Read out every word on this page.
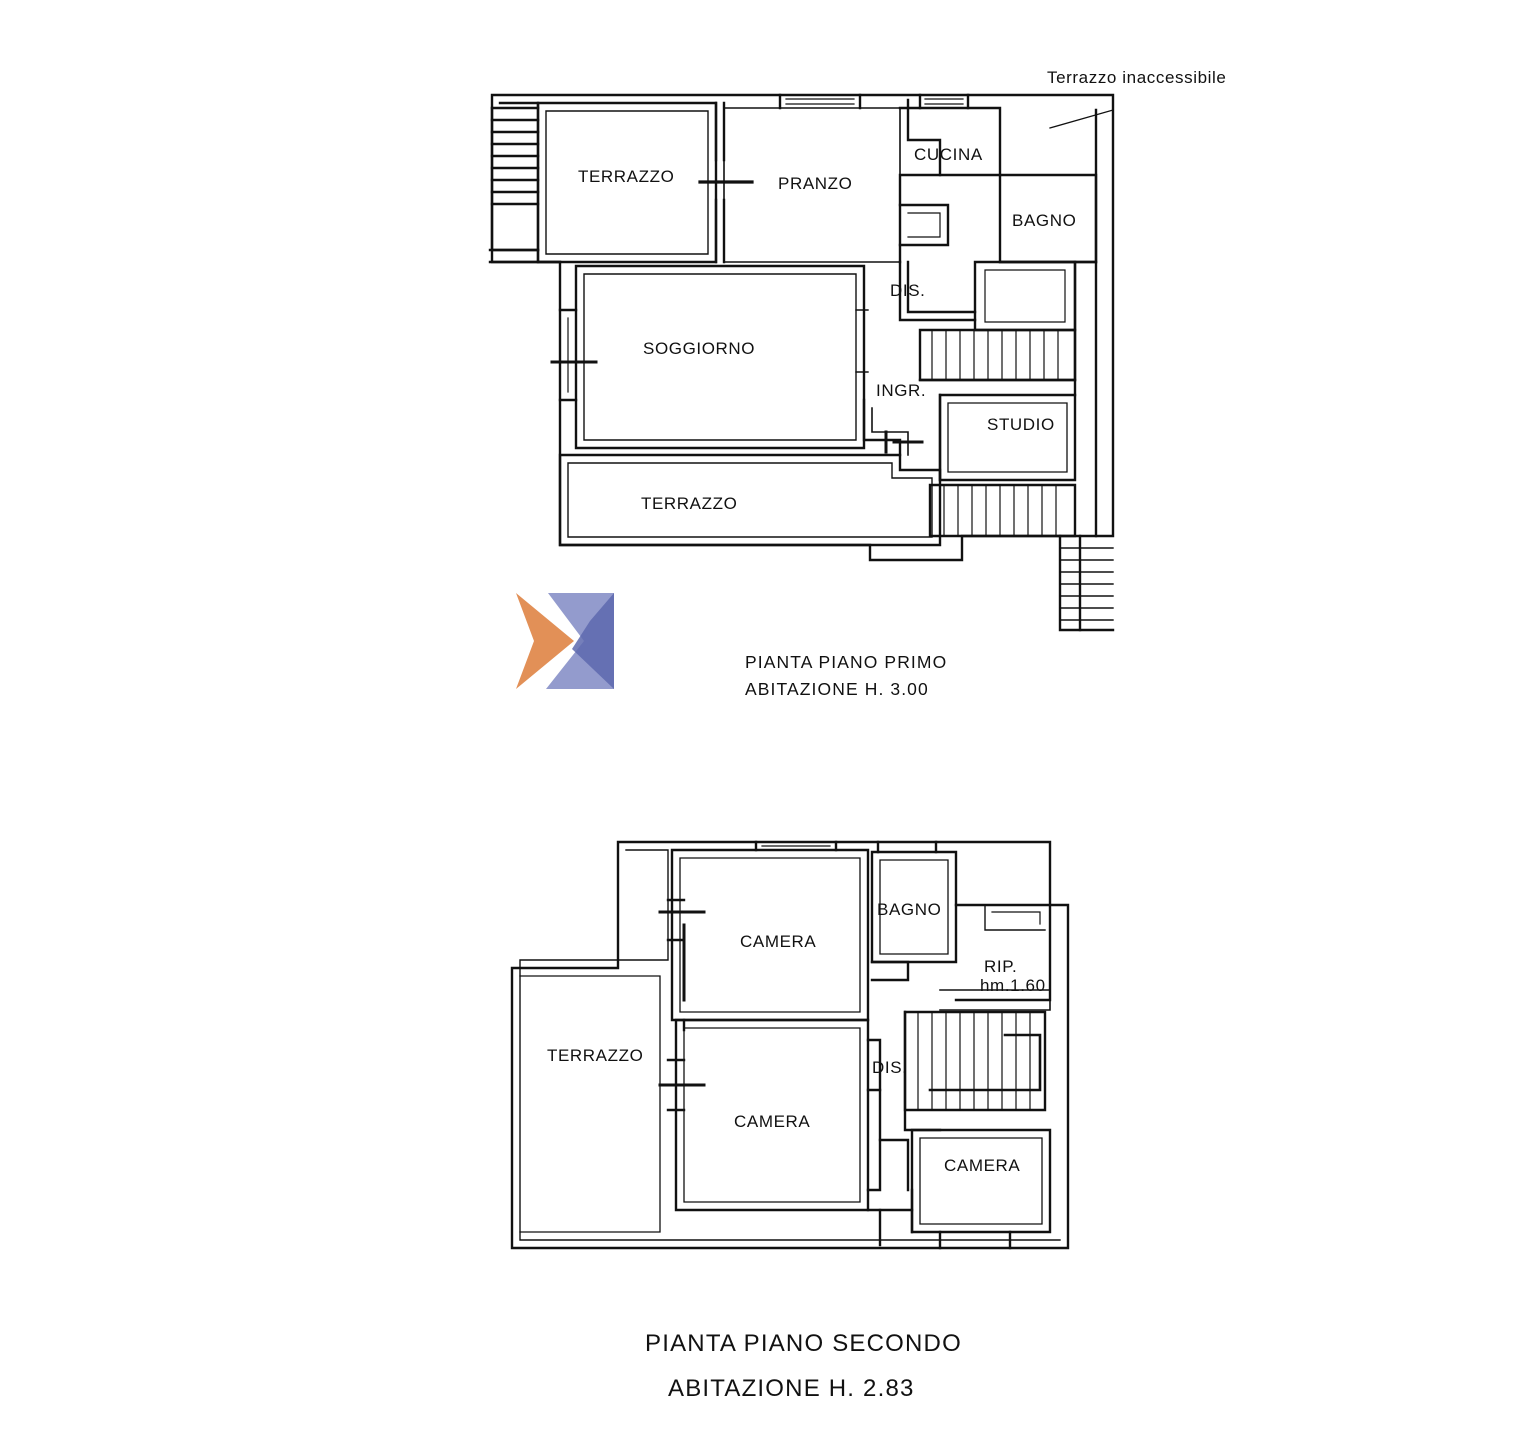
Terrazzo inaccessibile
TERRAZZO	PRANZO
CUCINA
BAGNO
DIS.
SOGGIORNO
INGR.
STUDIO
TERRAZZO
PIANTA PIANO PRIMO
ABITAZIONE H. 3.00
CAMERA
BAGNO
RIP.
hm.1.60
TERRAZZO
CAMERA
DIS.
CAMERA
PIANTA PIANO SECONDO
ABITAZIONE H. 2.83
